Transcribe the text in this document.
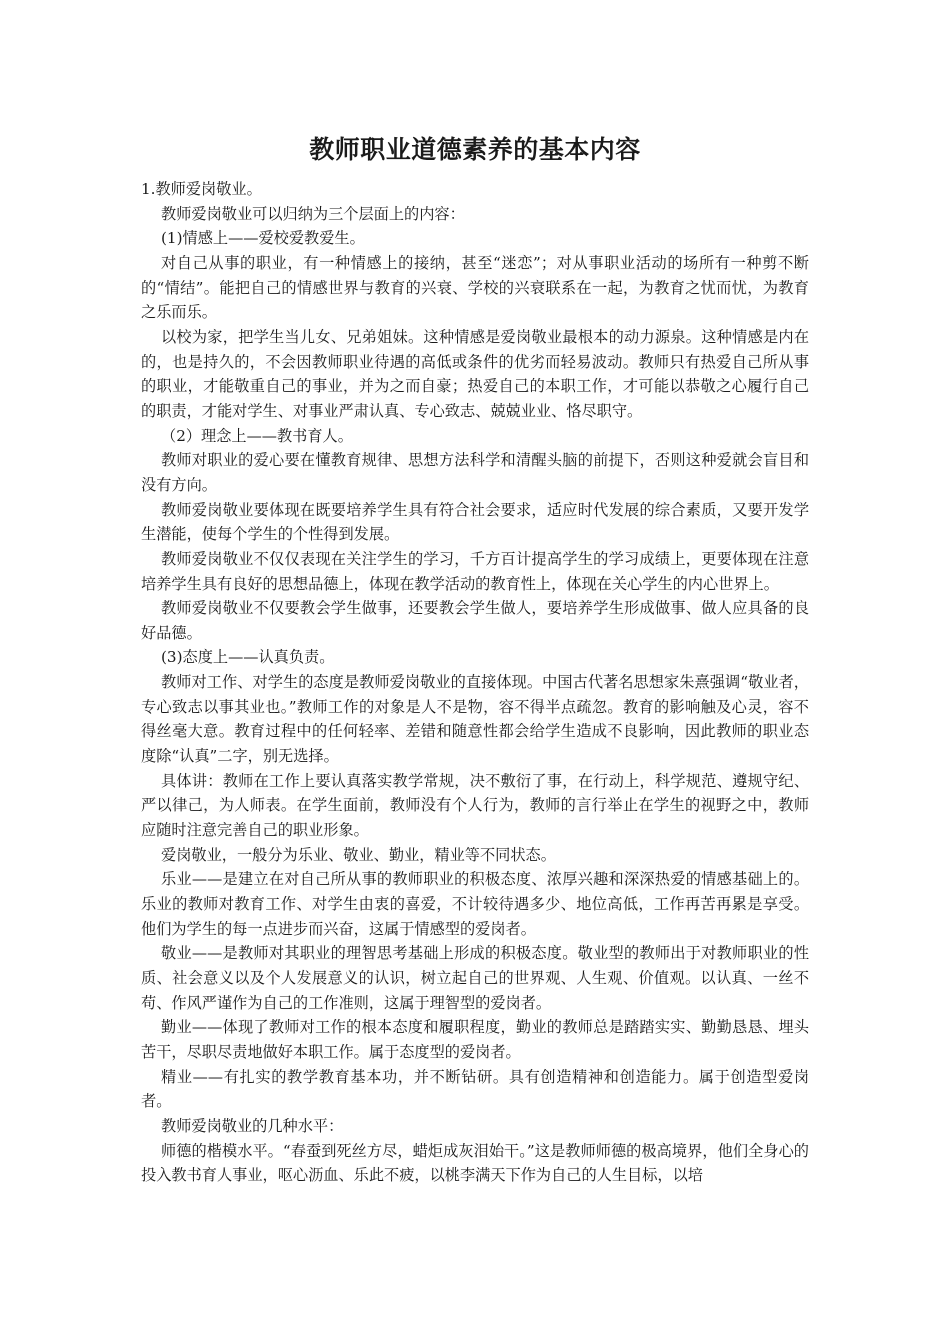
教师职业道德素养的基本内容

1.教师爱岗敬业。

教师爱岗敬业可以归纳为三个层面上的内容：

(1)情感上——爱校爱教爱生。

对自己从事的职业，有一种情感上的接纳，甚至“迷恋”；对从事职业活动的场所有一种剪不断的“情结”。能把自己的情感世界与教育的兴衰、学校的兴衰联系在一起，为教育之忧而忧，为教育之乐而乐。

以校为家，把学生当儿女、兄弟姐妹。这种情感是爱岗敬业最根本的动力源泉。这种情感是内在的，也是持久的，不会因教师职业待遇的高低或条件的优劣而轻易波动。教师只有热爱自己所从事的职业，才能敬重自己的事业，并为之而自豪；热爱自己的本职工作，才可能以恭敬之心履行自己的职责，才能对学生、对事业严肃认真、专心致志、兢兢业业、恪尽职守。

（2）理念上——教书育人。

教师对职业的爱心要在懂教育规律、思想方法科学和清醒头脑的前提下，否则这种爱就会盲目和没有方向。

教师爱岗敬业要体现在既要培养学生具有符合社会要求，适应时代发展的综合素质，又要开发学生潜能，使每个学生的个性得到发展。

教师爱岗敬业不仅仅表现在关注学生的学习，千方百计提高学生的学习成绩上，更要体现在注意培养学生具有良好的思想品德上，体现在教学活动的教育性上，体现在关心学生的内心世界上。

教师爱岗敬业不仅要教会学生做事，还要教会学生做人，要培养学生形成做事、做人应具备的良好品德。

(3)态度上——认真负责。

教师对工作、对学生的态度是教师爱岗敬业的直接体现。中国古代著名思想家朱熹强调“敬业者，专心致志以事其业也。”教师工作的对象是人不是物，容不得半点疏忽。教育的影响触及心灵，容不得丝毫大意。教育过程中的任何轻率、差错和随意性都会给学生造成不良影响，因此教师的职业态度除“认真”二字，别无选择。

具体讲：教师在工作上要认真落实教学常规，决不敷衍了事，在行动上，科学规范、遵规守纪、严以律己，为人师表。在学生面前，教师没有个人行为，教师的言行举止在学生的视野之中，教师应随时注意完善自己的职业形象。

爱岗敬业，一般分为乐业、敬业、勤业，精业等不同状态。

乐业——是建立在对自己所从事的教师职业的积极态度、浓厚兴趣和深深热爱的情感基础上的。乐业的教师对教育工作、对学生由衷的喜爱，不计较待遇多少、地位高低，工作再苦再累是享受。他们为学生的每一点进步而兴奋，这属于情感型的爱岗者。

敬业——是教师对其职业的理智思考基础上形成的积极态度。敬业型的教师出于对教师职业的性质、社会意义以及个人发展意义的认识，树立起自己的世界观、人生观、价值观。以认真、一丝不苟、作风严谨作为自己的工作准则，这属于理智型的爱岗者。

勤业——体现了教师对工作的根本态度和履职程度，勤业的教师总是踏踏实实、勤勤恳恳、埋头苦干，尽职尽责地做好本职工作。属于态度型的爱岗者。

精业——有扎实的教学教育基本功，并不断钻研。具有创造精神和创造能力。属于创造型爱岗者。

教师爱岗敬业的几种水平：

师德的楷模水平。“春蚕到死丝方尽，蜡炬成灰泪始干。”这是教师师德的极高境界，他们全身心的投入教书育人事业，呕心沥血、乐此不疲，以桃李满天下作为自己的人生目标，以培
